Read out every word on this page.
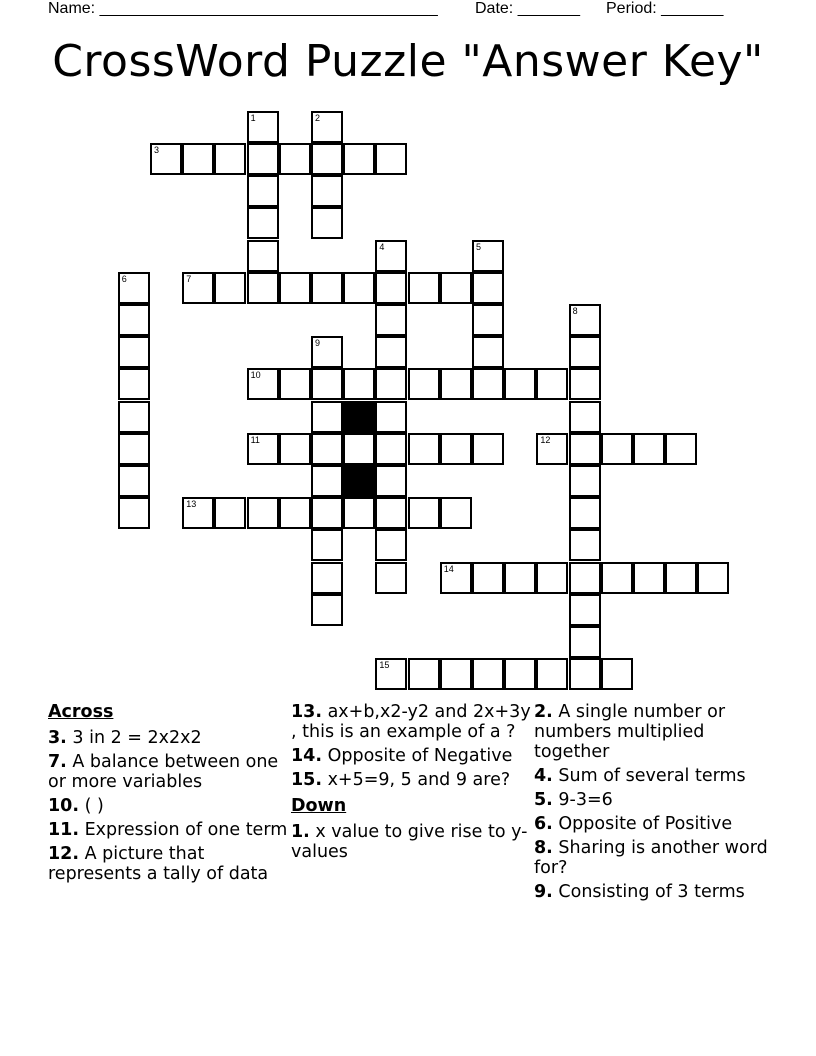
Name: ______________________________________ Date: _______ Period: _______
CrossWord Puzzle "Answer Key"
3
7
10
11	12
13
14
15
1	2
4	5
6
8
9
Across
3. 3 in 2 = 2x2x2
7. A balance between one or more variables
10. ( )
11. Expression of one term
12. A picture that represents a tally of data
13. ax+b,x2-y2 and 2x+3y , this is an example of a ?
14. Opposite of Negative
15. x+5=9, 5 and 9 are?
Down
1. x value to give rise to y- values
2. A single number or numbers multiplied together
4. Sum of several terms
5. 9-3=6
6. Opposite of Positive
8. Sharing is another word for?
9. Consisting of 3 terms
